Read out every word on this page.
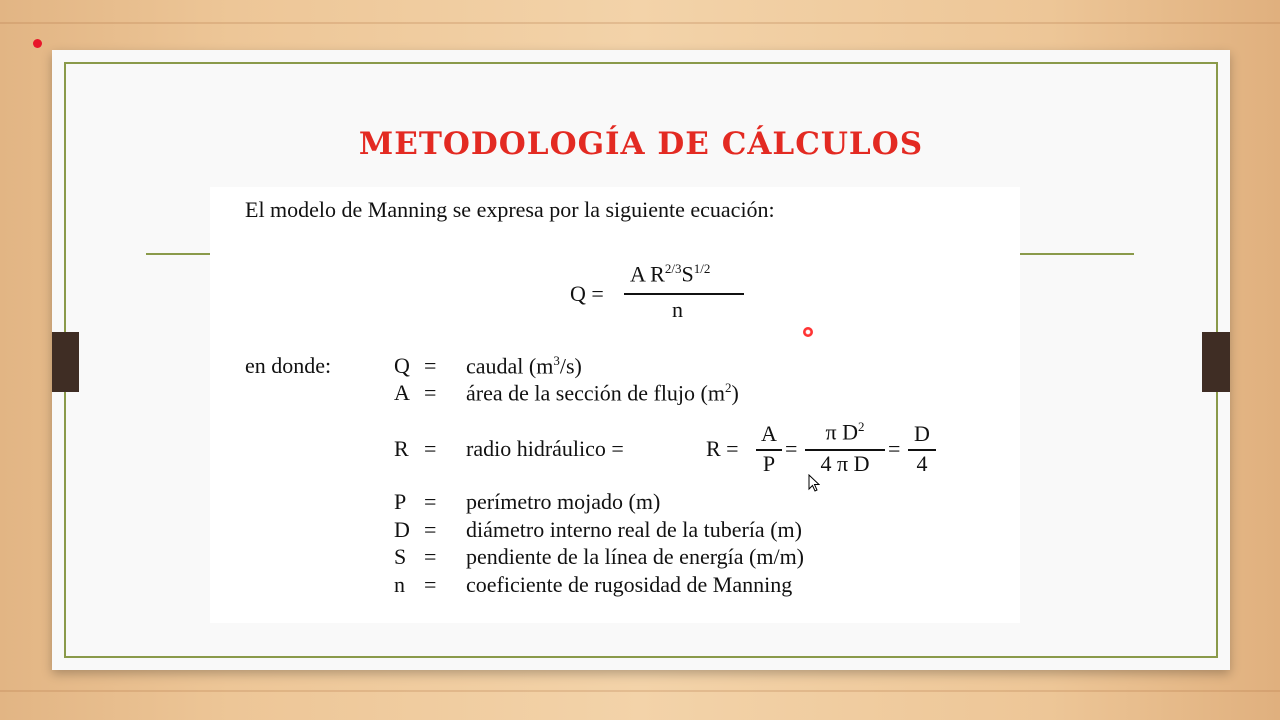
METODOLOGÍA DE CÁLCULOS
El modelo de Manning se expresa por la siguiente ecuación:
Q =
A $R^{2/3}S^{1/2}$
n
en donde:	Q = caudal $(m^3/s)$
A = área de la sección de flujo $(m^2)$
R = radio hidráulico =	R =
A
P
=
π $D^2$
4 π D
=
D
4
P = perímetro mojado (m)
D = diámetro interno real de la tubería (m)
S = pendiente de la línea de energía (m/m)
n = coeficiente de rugosidad de Manning
